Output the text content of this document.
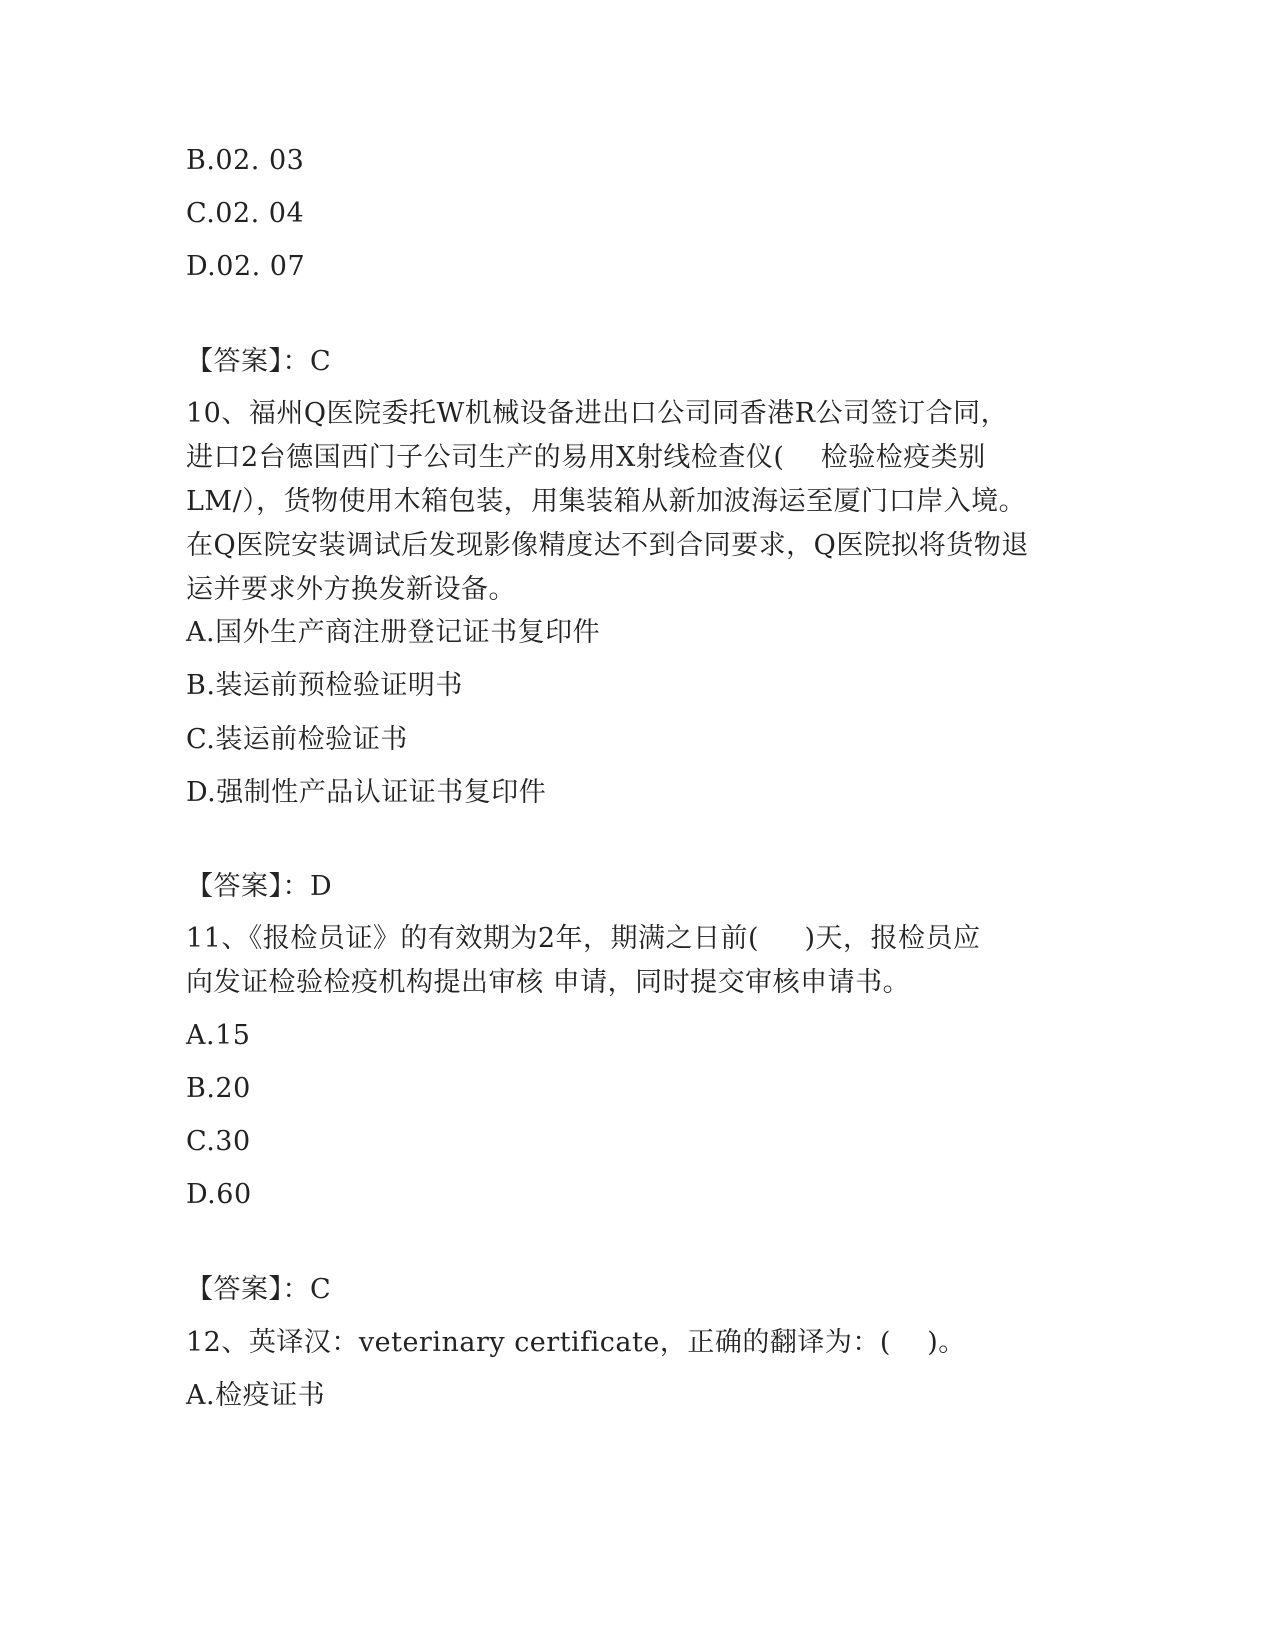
B.02. 03
C.02. 04
D.02. 07
【答案】：C
10、福州Q医院委托W机械设备进出口公司同香港R公司签订合同，
进口2台德国西门子公司生产的易用X射线检查仪(    检验检疫类别
LM/），货物使用木箱包装，用集装箱从新加波海运至厦门口岸入境。
在Q医院安装调试后发现影像精度达不到合同要求，Q医院拟将货物退
运并要求外方换发新设备。
A.国外生产商注册登记证书复印件
B.装运前预检验证明书
C.装运前检验证书
D.强制性产品认证证书复印件
【答案】：D
11、《报检员证》的有效期为2年，期满之日前(     )天，报检员应
向发证检验检疫机构提出审核 申请，同时提交审核申请书。
A.15
B.20
C.30
D.60
【答案】：C
12、英译汉：veterinary certificate，正确的翻译为：(    )。
A.检疫证书
